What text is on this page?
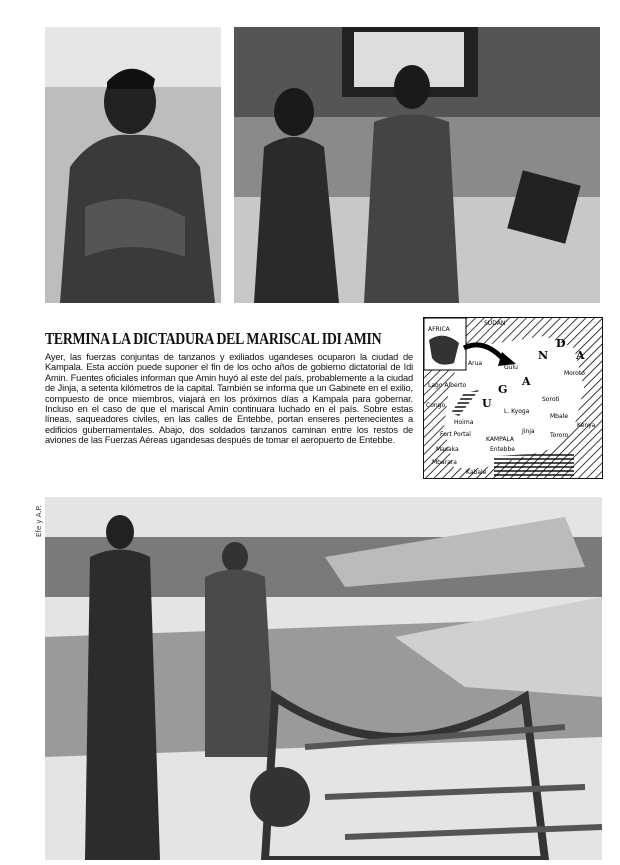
TERMINA LA DICTADURA DEL MARISCAL IDI AMIN
Ayer, las fuerzas conjuntas de tanzanos y exiliados ugandeses ocuparon la ciudad de Kampala. Esta acción puede suponer el fin de los ocho años de gobierno dictatorial de Idi Amin. Fuentes oficiales informan que Amin huyó al este del país, probablemente a la ciudad de Jinja, a setenta kilómetros de la capital. También se informa que un Gabinete en el exilio, compuesto de once miembros, viajará en los próximos días a Kampala para gobernar. Incluso en el caso de que el mariscal Amin continuara luchado en el país. Sobre estas líneas, saqueadores civiles, en las calles de Entebbe, portan enseres pertenecientes a edificios gubernamentales. Abajo, dos soldados tanzanos caminan entre los restos de aviones de las Fuerzas Aéreas ugandesas después de tomar el aeropuerto de Entebbe.
AFRICA
SUDAN
Arua
Gulu
Moroto
Lago Alberto
Congo
Hoima
L. Kyoga
Soroti
Mbale
Kenya
Fort Portal
KAMPALA
Jinja
Tororo
Entebbe
Masaka
Mbarara
Kabale
U
G
A
N
D
A
Efe y A.P.
